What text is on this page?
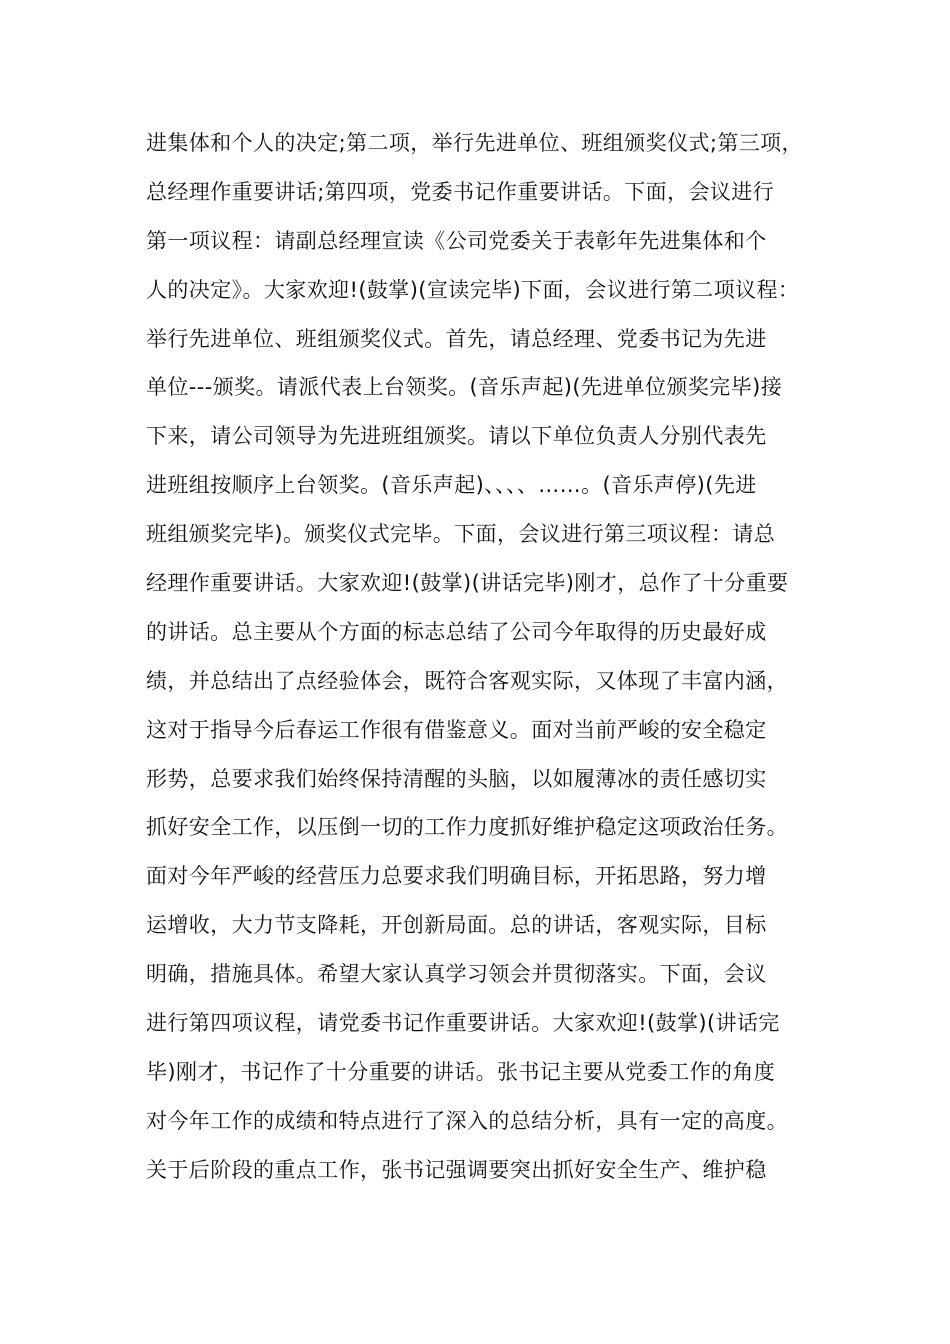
进集体和个人的决定;第二项，举行先进单位、班组颁奖仪式;第三项，
总经理作重要讲话;第四项，党委书记作重要讲话。下面，会议进行
第一项议程：请副总经理宣读《公司党委关于表彰年先进集体和个
人的决定》。大家欢迎!(鼓掌)(宣读完毕)下面，会议进行第二项议程：
举行先进单位、班组颁奖仪式。首先，请总经理、党委书记为先进
单位---颁奖。请派代表上台领奖。(音乐声起)(先进单位颁奖完毕)接
下来，请公司领导为先进班组颁奖。请以下单位负责人分别代表先
进班组按顺序上台领奖。(音乐声起)、、、、……。(音乐声停)(先进
班组颁奖完毕)。颁奖仪式完毕。下面，会议进行第三项议程：请总
经理作重要讲话。大家欢迎!(鼓掌)(讲话完毕)刚才，总作了十分重要
的讲话。总主要从个方面的标志总结了公司今年取得的历史最好成
绩，并总结出了点经验体会，既符合客观实际，又体现了丰富内涵，
这对于指导今后春运工作很有借鉴意义。面对当前严峻的安全稳定
形势，总要求我们始终保持清醒的头脑，以如履薄冰的责任感切实
抓好安全工作，以压倒一切的工作力度抓好维护稳定这项政治任务。
面对今年严峻的经营压力总要求我们明确目标，开拓思路，努力增
运增收，大力节支降耗，开创新局面。总的讲话，客观实际，目标
明确，措施具体。希望大家认真学习领会并贯彻落实。下面，会议
进行第四项议程，请党委书记作重要讲话。大家欢迎!(鼓掌)(讲话完
毕)刚才，书记作了十分重要的讲话。张书记主要从党委工作的角度
对今年工作的成绩和特点进行了深入的总结分析，具有一定的高度。
关于后阶段的重点工作，张书记强调要突出抓好安全生产、维护稳
